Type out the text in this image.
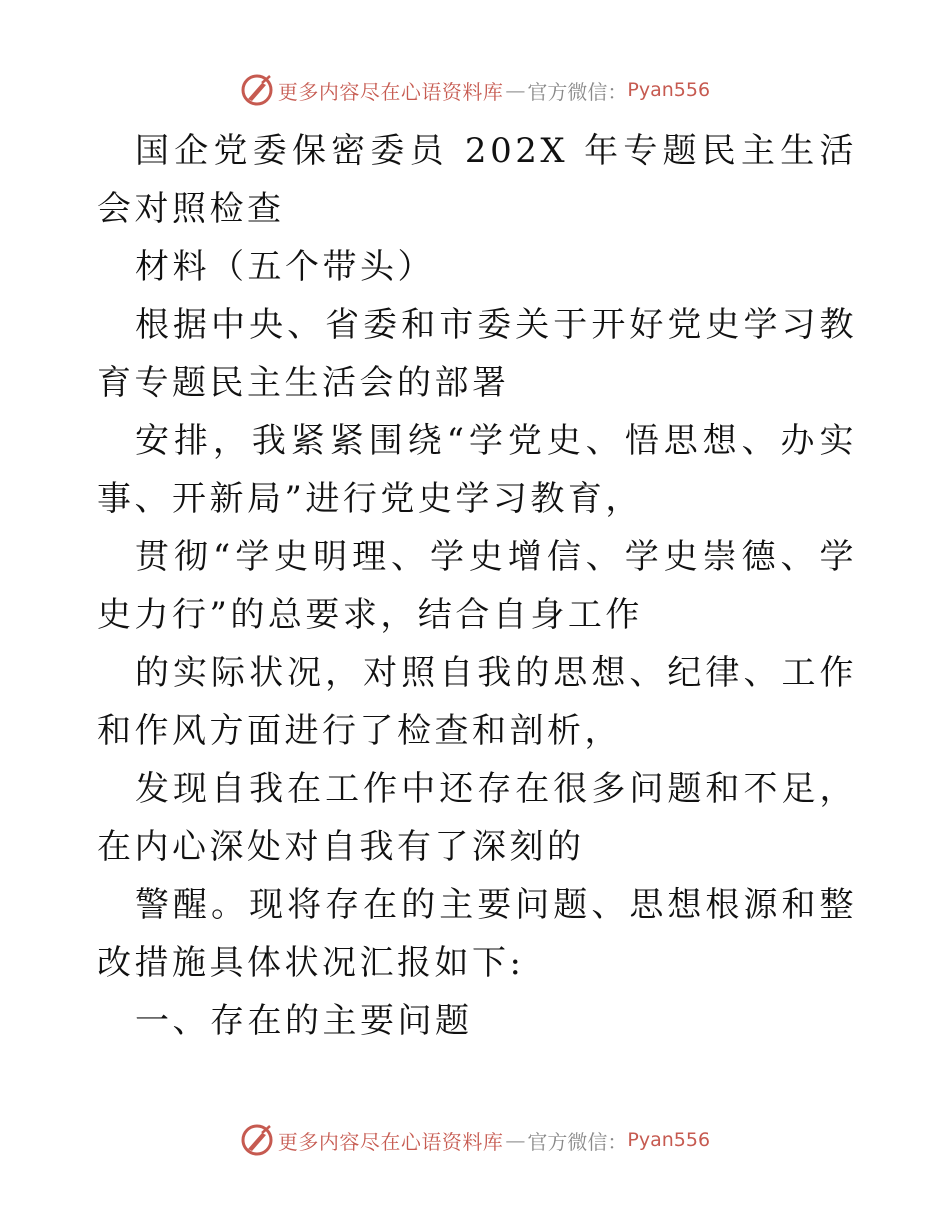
更多内容尽在心语资料库 — 官方微信： Pyan556

国企党委保密委员 202X 年专题民主生活会对照检查

材料（五个带头）

根据中央、省委和市委关于开好党史学习教育专题民主生活会的部署

安排，我紧紧围绕“学党史、悟思想、办实事、开新局”进行党史学习教育，

贯彻“学史明理、学史增信、学史崇德、学史力行”的总要求，结合自身工作

的实际状况，对照自我的思想、纪律、工作和作风方面进行了检查和剖析，

发现自我在工作中还存在很多问题和不足，在内心深处对自我有了深刻的

警醒。现将存在的主要问题、思想根源和整改措施具体状况汇报如下:

一、存在的主要问题

更多内容尽在心语资料库 — 官方微信： Pyan556
